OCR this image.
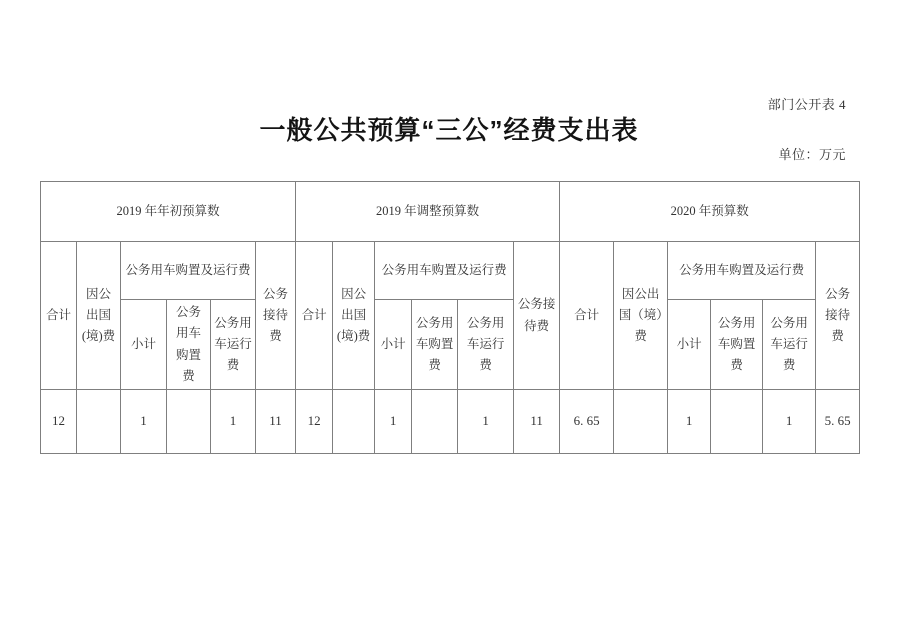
部门公开表 4
一般公共预算“三公”经费支出表
单位：万元
2019 年年初预算数						2019 年调整预算数						2020 年预算数					
合计	因公出国(境)费	公务用车购置及运行费			公务接待费	合计	因公出国(境)费	公务用车购置及运行费			公务接待费	合计	因公出国（境）费	公务用车购置及运行费			公务接待费
		小计	公务用车购置费	公务用车运行费				小计	公务用车购置费	公务用车运行费				小计	公务用车购置费	公务用车运行费	
12		1		1	11	12		1		1	11	6. 65		1		1	5. 65
